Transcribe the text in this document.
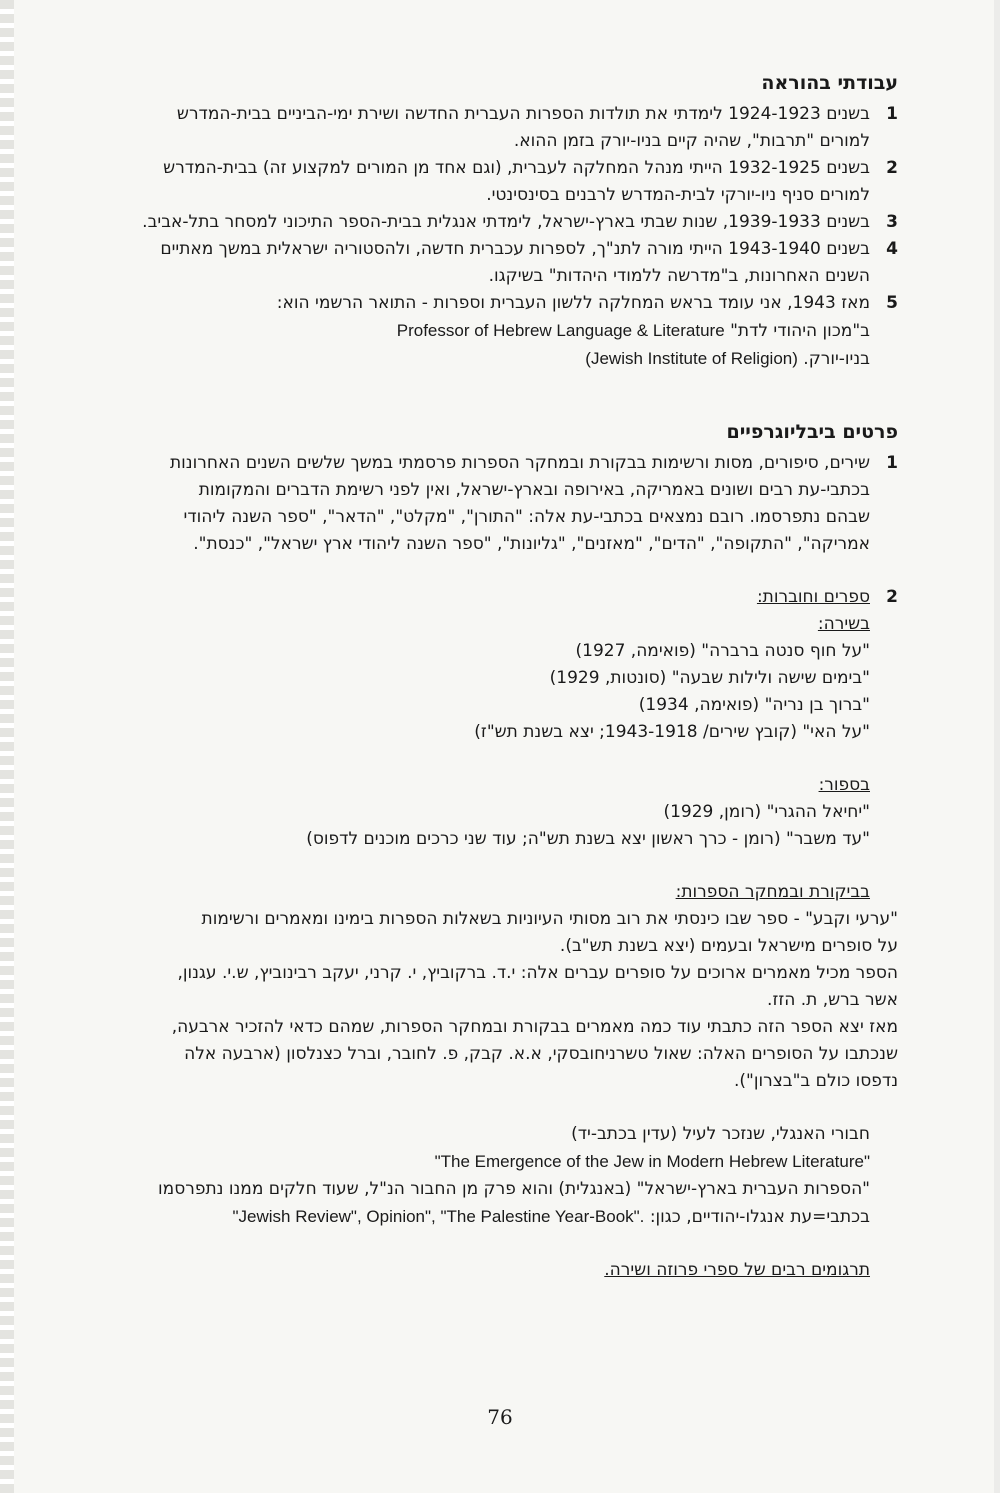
עבודתי בהוראה
1
בשנים 1924-1923 לימדתי את תולדות הספרות העברית החדשה ושירת ימי-הביניים בבית-המדרש
למורים "תרבות", שהיה קיים בניו-יורק בזמן ההוא.
2
בשנים 1932-1925 הייתי מנהל המחלקה לעברית, (וגם אחד מן המורים למקצוע זה) בבית-המדרש
למורים סניף ניו-יורקי לבית-המדרש לרבנים בסינסינטי.
3
בשנים 1939-1933, שנות שבתי בארץ-ישראל, לימדתי אנגלית בבית-הספר התיכוני למסחר בתל-אביב.
4
בשנים 1943-1940 הייתי מורה לתנ"ך, לספרות עכברית חדשה, ולהסטוריה ישראלית במשך מאתיים
השנים האחרונות, ב"מדרשה ללמודי היהדות" בשיקגו.
5
מאז 1943, אני עומד בראש המחלקה ללשון העברית וספרות - התואר הרשמי הוא:
ב"מכון היהודי לדת" Professor of Hebrew Language & Literature
בניו-יורק. (Jewish Institute of Religion)
פרטים ביבליוגרפיים
1
שירים, סיפורים, מסות ורשימות בבקורת ובמחקר הספרות פרסמתי במשך שלשים השנים האחרונות
בכתבי-עת רבים ושונים באמריקה, באירופה ובארץ-ישראל, ואין לפני רשימת הדברים והמקומות
שבהם נתפרסמו. רובם נמצאים בכתבי-עת אלה: "התורן", "מקלט", "הדאר", "ספר השנה ליהודי
אמריקה", "התקופה", "הדים", "מאזנים", "גליונות", "ספר השנה ליהודי ארץ ישראל", "כנסת".
2
ספרים וחוברות:
בשירה:
"על חוף סנטה ברברה" (פואימה, 1927)
"בימים שישה ולילות שבעה" (סונטות, 1929)
"ברוך בן נריה" (פואימה, 1934)
"על האי" (קובץ שירים/ 1943-1918; יצא בשנת תש"ז)
בספור:
"יחיאל ההגרי" (רומן, 1929)
"עד משבר" (רומן - כרך ראשון יצא בשנת תש"ה; עוד שני כרכים מוכנים לדפוס)
בביקורת ובמחקר הספרות:
"ערעי וקבע" - ספר שבו כינסתי את רוב מסותי העיוניות בשאלות הספרות בימינו ומאמרים ורשימות
על סופרים מישראל ובעמים (יצא בשנת תש"ב).
הספר מכיל מאמרים ארוכים על סופרים עברים אלה: י.ד. ברקוביץ, י. קרני, יעקב רבינוביץ, ש.י. עגנון,
אשר ברש, ת. הזז.
מאז יצא הספר הזה כתבתי עוד כמה מאמרים בבקורת ובמחקר הספרות, שמהם כדאי להזכיר ארבעה,
שנכתבו על הסופרים האלה: שאול טשרניחובסקי, א.א. קבק, פ. לחובר, וברל כצנלסון (ארבעה אלה
נדפסו כולם ב"בצרון").
חבורי האנגלי, שנזכר לעיל (עדין בכתב-יד)
"The Emergence of the Jew in Modern Hebrew Literature"
"הספרות העברית בארץ-ישראל" (באנגלית) והוא פרק מן החבור הנ"ל, שעוד חלקים ממנו נתפרסמו
בכתבי=עת אנגלו-יהודיים, כגון: "Jewish Review", Opinion", "The Palestine Year-Book".
תרגומים רבים של ספרי פרוזה ושירה.
76
